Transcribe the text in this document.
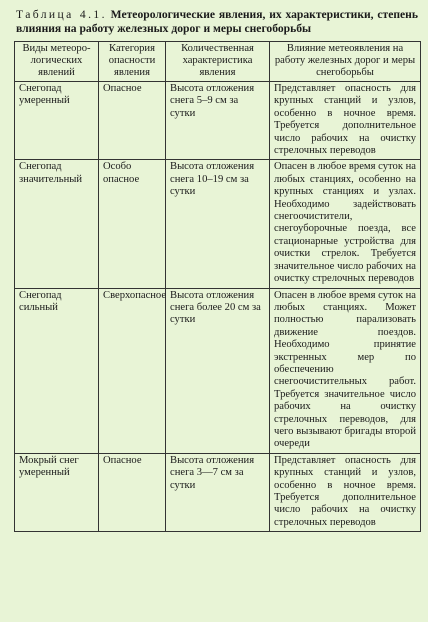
Таблица 4.1. Метеорологические явления, их характеристики, степень влияния на работу железных дорог и меры снегоборьбы
Виды метеоро-логических явлений	Категория опасности явления	Количественная характеристика явления	Влияние метеоявления на работу железных дорог и меры снегоборьбы
Снегопад умеренный	Опасное	Высота отложения снега 5–9 см за сутки	Представляет опасность для крупных станций и узлов, особенно в ночное время. Требуется дополнительное число рабочих на очистку стрелочных переводов
Снегопад значительный	Особо опасное	Высота отложения снега 10–19 см за сутки	Опасен в любое время суток на любых станциях, особенно на крупных станциях и узлах. Необходимо задействовать снегоочистители, снегоуборочные поезда, все стационарные устройства для очистки стрелок. Требуется значительное число рабочих на очистку стрелочных переводов
Снегопад сильный	Сверхопасное	Высота отложения снега более 20 см за сутки	Опасен в любое время суток на любых станциях. Может полностью парализовать движение поездов. Необходимо принятие экстренных мер по обеспечению снегоочистительных работ. Требуется значительное число рабочих на очистку стрелочных переводов, для чего вызывают бригады второй очереди
Мокрый снег умеренный	Опасное	Высота отложения снега 3—7 см за сутки	Представляет опасность для крупных станций и узлов, особенно в ночное время. Требуется дополнительное число рабочих на очистку стрелочных переводов
